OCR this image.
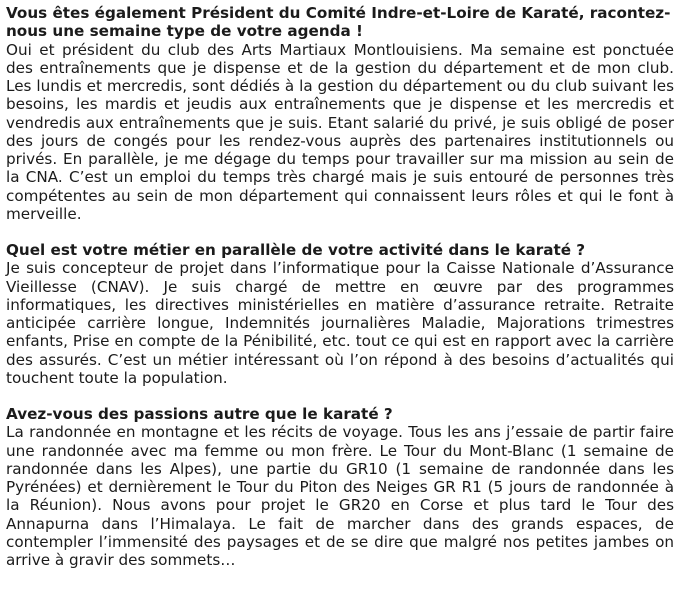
Vous êtes également Président du Comité Indre-et-Loire de Karaté, racontez-nous une semaine type de votre agenda !
Oui et président du club des Arts Martiaux Montlouisiens. Ma semaine est ponctuée des entraînements que je dispense et de la gestion du département et de mon club. Les lundis et mercredis, sont dédiés à la gestion du département ou du club suivant les besoins, les mardis et jeudis aux entraînements que je dispense et les mercredis et vendredis aux entraînements que je suis. Etant salarié du privé, je suis obligé de poser des jours de congés pour les rendez-vous auprès des partenaires institutionnels ou privés. En parallèle, je me dégage du temps pour travailler sur ma mission au sein de la CNA. C’est un emploi du temps très chargé mais je suis entouré de personnes très compétentes au sein de mon département qui connaissent leurs rôles et qui le font à merveille.
Quel est votre métier en parallèle de votre activité dans le karaté ?
Je suis concepteur de projet dans l’informatique pour la Caisse Nationale d’Assurance Vieillesse (CNAV). Je suis chargé de mettre en œuvre par des programmes informatiques, les directives ministérielles en matière d’assurance retraite. Retraite anticipée carrière longue, Indemnités journalières Maladie, Majorations trimestres enfants, Prise en compte de la Pénibilité, etc. tout ce qui est en rapport avec la carrière des assurés. C’est un métier intéressant où l’on répond à des besoins d’actualités qui touchent toute la population.
Avez-vous des passions autre que le karaté ?
La randonnée en montagne et les récits de voyage. Tous les ans j’essaie de partir faire une randonnée avec ma femme ou mon frère. Le Tour du Mont-Blanc (1 semaine de randonnée dans les Alpes), une partie du GR10 (1 semaine de randonnée dans les Pyrénées) et dernièrement le Tour du Piton des Neiges GR R1 (5 jours de randonnée à la Réunion). Nous avons pour projet le GR20 en Corse et plus tard le Tour des Annapurna dans l’Himalaya. Le fait de marcher dans des grands espaces, de contempler l’immensité des paysages et de se dire que malgré nos petites jambes on arrive à gravir des sommets…
